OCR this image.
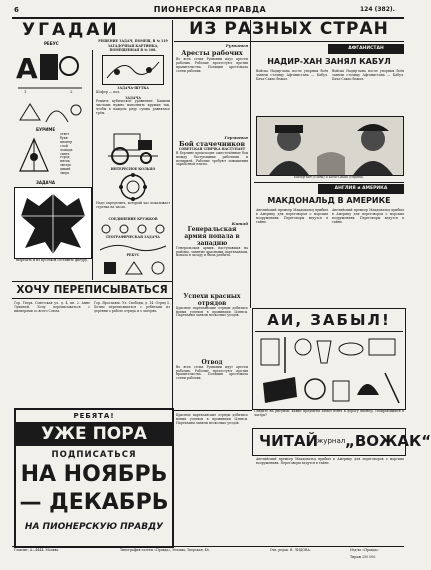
6	ПИОНЕРСКАЯ ПРАВДА	124 (382).
УГАДАИ
РЕБУС
А
1	2
БУРИМЕ
ответ
букв
пионер
слой
лошадь
сиять
город
пятак
звезда
дикий
зверь
ЗАДАЧА
Вырезать и из кусочков составить фигуру.
РЕШЕНИЕ ЗАДАЧ, ПОМЕЩ. В № 119
ЗАГАДОЧНАЯ КАРТИНКА, ПОМЕЩЕННАЯ В № 108.
ЗАДАЧА-ШУТКА
Шофер — пол.
ЗАДАЧА
Решить кубическое уравнение. Какими числами нужно наполнить кружки так, чтобы в каждом ряду сумма равнялась трём.
ИНТЕРЕСНОЕ КОЛЬЦО
Надо определить, который час показывает стрелка на часах.
СОЕДИНЕНИЕ КРУЖКОВ
ГЕОГРАФИЧЕСКАЯ ЗАДАЧА
РЕБУС
ХОЧУ ПЕРЕПИСЫВАТЬСЯ
Гор. Тверь. Советская ул. д. 4, кв. 2. Анне Лукиной. Хочу переписываться с пионерами со всего Союза.
Гор. Ярославль. Ул. Свободы, д. 14. Отряд 5. Хотим переписываться с ребятами из деревни о работе отряда и о лагерях.
РЕБЯТА!
УЖЕ ПОРА
ПОДПИСАТЬСЯ
НА НОЯБРЬ
— ДЕКАБРЬ
НА ПИОНЕРСКУЮ ПРАВДУ
ИЗ РАЗНЫХ СТРАН
Румыния
Аресты рабочих
Во всех селах Румынии идут аресты рабочих. Рабочие протестуют против правительства. Полиция арестовала сотни рабочих.
Германия
Бой стачечников
СОВЕТСКАЯ СПИЧКА НАСТУПАЕТ
В Берлине происходят ожесточённые бои между бастующими рабочими и полицией. Рабочие требуют повышения заработной платы.
Китай
Генеральская армия попала в западню
Генеральская армия, наступавшая на районы, занятые красными партизанами, попала в засаду и была разбита.
Успехи красных отрядов
Красные партизанские отряды добились новых успехов в провинции Цзянси. Партизаны заняли несколько уездов.
Отвод
Во всех селах Румынии идут аресты рабочих. Рабочие протестуют против правительства. Полиция арестовала сотни рабочих.
АФГАНИСТАН
НАДИР-ХАН ЗАНЯЛ КАБУЛ
Войска Надир-хана после упорных боёв заняли столицу Афганистана — Кабул. Бача-Сакао бежал.
Войска Надир-хана после упорных боёв заняли столицу Афганистана — Кабул. Бача-Сакао бежал.
Надир-хан (слева) и Бача-Сакао (справа).
АНГЛИЯ и АМЕРИКА
МАКДОНАЛЬД В АМЕРИКЕ
Английский премьер Макдональд прибыл в Америку для переговоров о морских вооружениях. Переговоры ведутся в тайне.
Английский премьер Макдональд прибыл в Америку для переговоров о морских вооружениях. Переговоры ведутся в тайне.
АИ, ЗАБЫЛ!
Глядите на рисунок: какие предметы забыл взять в дорогу пионер, собирающийся в лагерь?
ЧИТАЙ
журнал „ВОЖАК“
Английский премьер Макдональд прибыл в Америку для переговоров о морских вооружениях. Переговоры ведутся в тайне.
Красные партизанские отряды добились новых успехов в провинции Цзянси. Партизаны заняли несколько уездов.
Главлит, А—4444. Москва.	Типография газеты «Правда», Москва, Тверская, 48.	Отв. редак. В. ЛИДОВА.	Изд-во «Правда»
Тираж 250 000.
